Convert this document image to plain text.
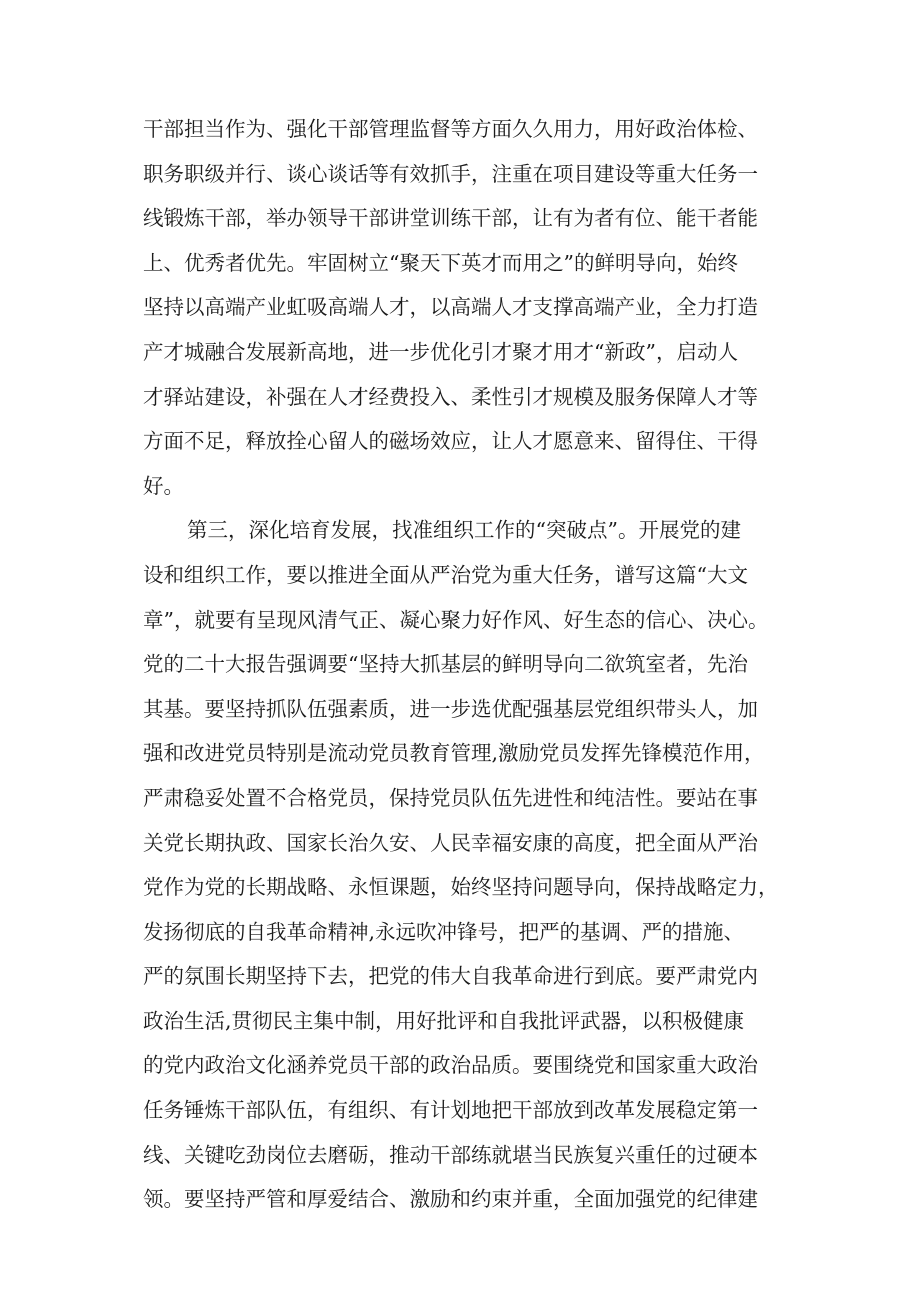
干部担当作为、强化干部管理监督等方面久久用力，用好政治体检、
职务职级并行、谈心谈话等有效抓手，注重在项目建设等重大任务一
线锻炼干部，举办领导干部讲堂训练干部，让有为者有位、能干者能
上、优秀者优先。牢固树立“聚天下英才而用之”的鲜明导向，始终
坚持以高端产业虹吸高端人才，以高端人才支撑高端产业，全力打造
产才城融合发展新高地，进一步优化引才聚才用才“新政”，启动人
才驿站建设，补强在人才经费投入、柔性引才规模及服务保障人才等
方面不足，释放拴心留人的磁场效应，让人才愿意来、留得住、干得
好。
第三，深化培育发展，找准组织工作的“突破点”。开展党的建
设和组织工作，要以推进全面从严治党为重大任务，谱写这篇“大文
章”，就要有呈现风清气正、凝心聚力好作风、好生态的信心、决心。
党的二十大报告强调要“坚持大抓基层的鲜明导向二欲筑室者，先治
其基。要坚持抓队伍强素质，进一步选优配强基层党组织带头人，加
强和改进党员特别是流动党员教育管理,激励党员发挥先锋模范作用，
严肃稳妥处置不合格党员，保持党员队伍先进性和纯洁性。要站在事
关党长期执政、国家长治久安、人民幸福安康的高度，把全面从严治
党作为党的长期战略、永恒课题，始终坚持问题导向，保持战略定力，
发扬彻底的自我革命精神,永远吹冲锋号，把严的基调、严的措施、
严的氛围长期坚持下去，把党的伟大自我革命进行到底。要严肃党内
政治生活,贯彻民主集中制，用好批评和自我批评武器，以积极健康
的党内政治文化涵养党员干部的政治品质。要围绕党和国家重大政治
任务锤炼干部队伍，有组织、有计划地把干部放到改革发展稳定第一
线、关键吃劲岗位去磨砺，推动干部练就堪当民族复兴重任的过硬本
领。要坚持严管和厚爱结合、激励和约束并重，全面加强党的纪律建
